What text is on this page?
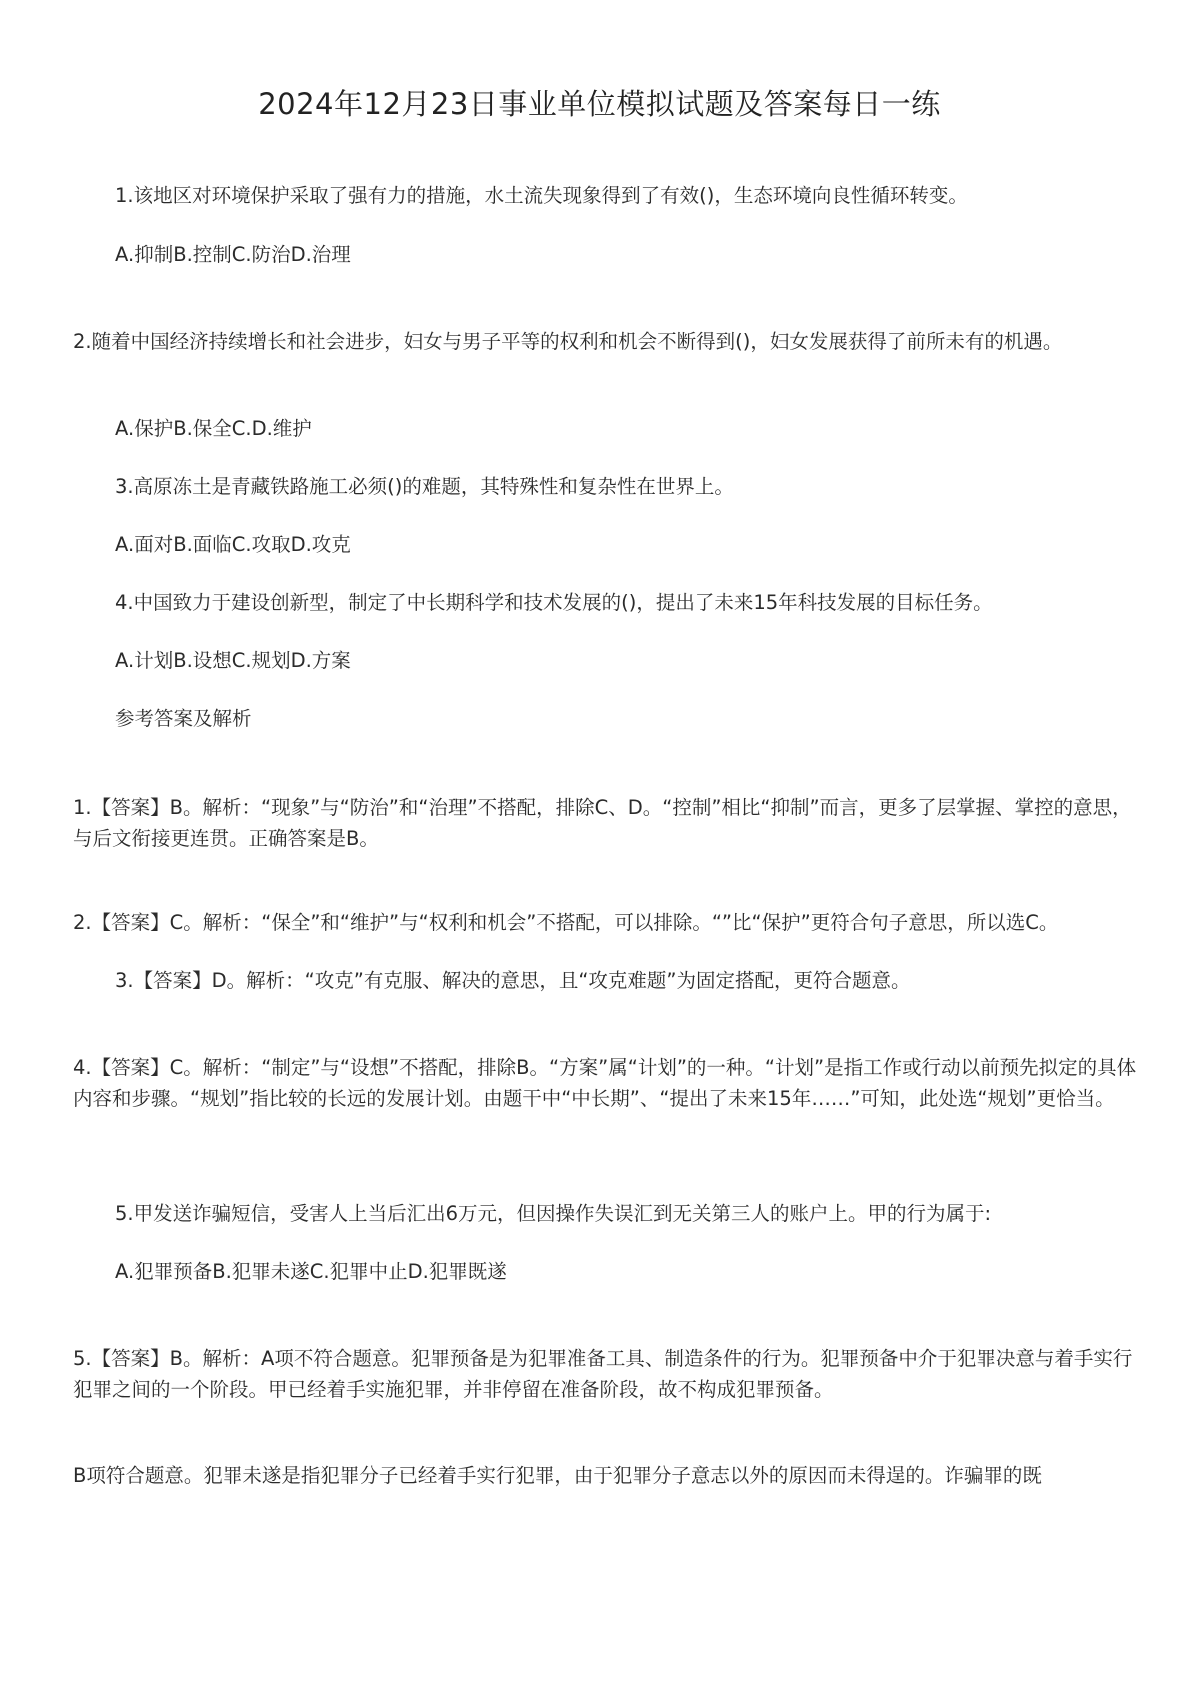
2024年12月23日事业单位模拟试题及答案每日一练

1.该地区对环境保护采取了强有力的措施，水土流失现象得到了有效()，生态环境向良性循环转变。

A.抑制B.控制C.防治D.治理

2.随着中国经济持续增长和社会进步，妇女与男子平等的权利和机会不断得到()，妇女发展获得了前所未有的机遇。

A.保护B.保全C.D.维护

3.高原冻土是青藏铁路施工必须()的难题，其特殊性和复杂性在世界上。

A.面对B.面临C.攻取D.攻克

4.中国致力于建设创新型，制定了中长期科学和技术发展的()，提出了未来15年科技发展的目标任务。

A.计划B.设想C.规划D.方案

参考答案及解析

1.【答案】B。解析：“现象”与“防治”和“治理”不搭配，排除C、D。“控制”相比“抑制”而言，更多了层掌握、掌控的意思，与后文衔接更连贯。正确答案是B。

2.【答案】C。解析：“保全”和“维护”与“权利和机会”不搭配，可以排除。“”比“保护”更符合句子意思，所以选C。

3.【答案】D。解析：“攻克”有克服、解决的意思，且“攻克难题”为固定搭配，更符合题意。

4.【答案】C。解析：“制定”与“设想”不搭配，排除B。“方案”属“计划”的一种。“计划”是指工作或行动以前预先拟定的具体内容和步骤。“规划”指比较的长远的发展计划。由题干中“中长期”、“提出了未来15年……”可知，此处选“规划”更恰当。

5.甲发送诈骗短信，受害人上当后汇出6万元，但因操作失误汇到无关第三人的账户上。甲的行为属于:

A.犯罪预备B.犯罪未遂C.犯罪中止D.犯罪既遂

5.【答案】B。解析：A项不符合题意。犯罪预备是为犯罪准备工具、制造条件的行为。犯罪预备中介于犯罪决意与着手实行犯罪之间的一个阶段。甲已经着手实施犯罪，并非停留在准备阶段，故不构成犯罪预备。

B项符合题意。犯罪未遂是指犯罪分子已经着手实行犯罪，由于犯罪分子意志以外的原因而未得逞的。诈骗罪的既
